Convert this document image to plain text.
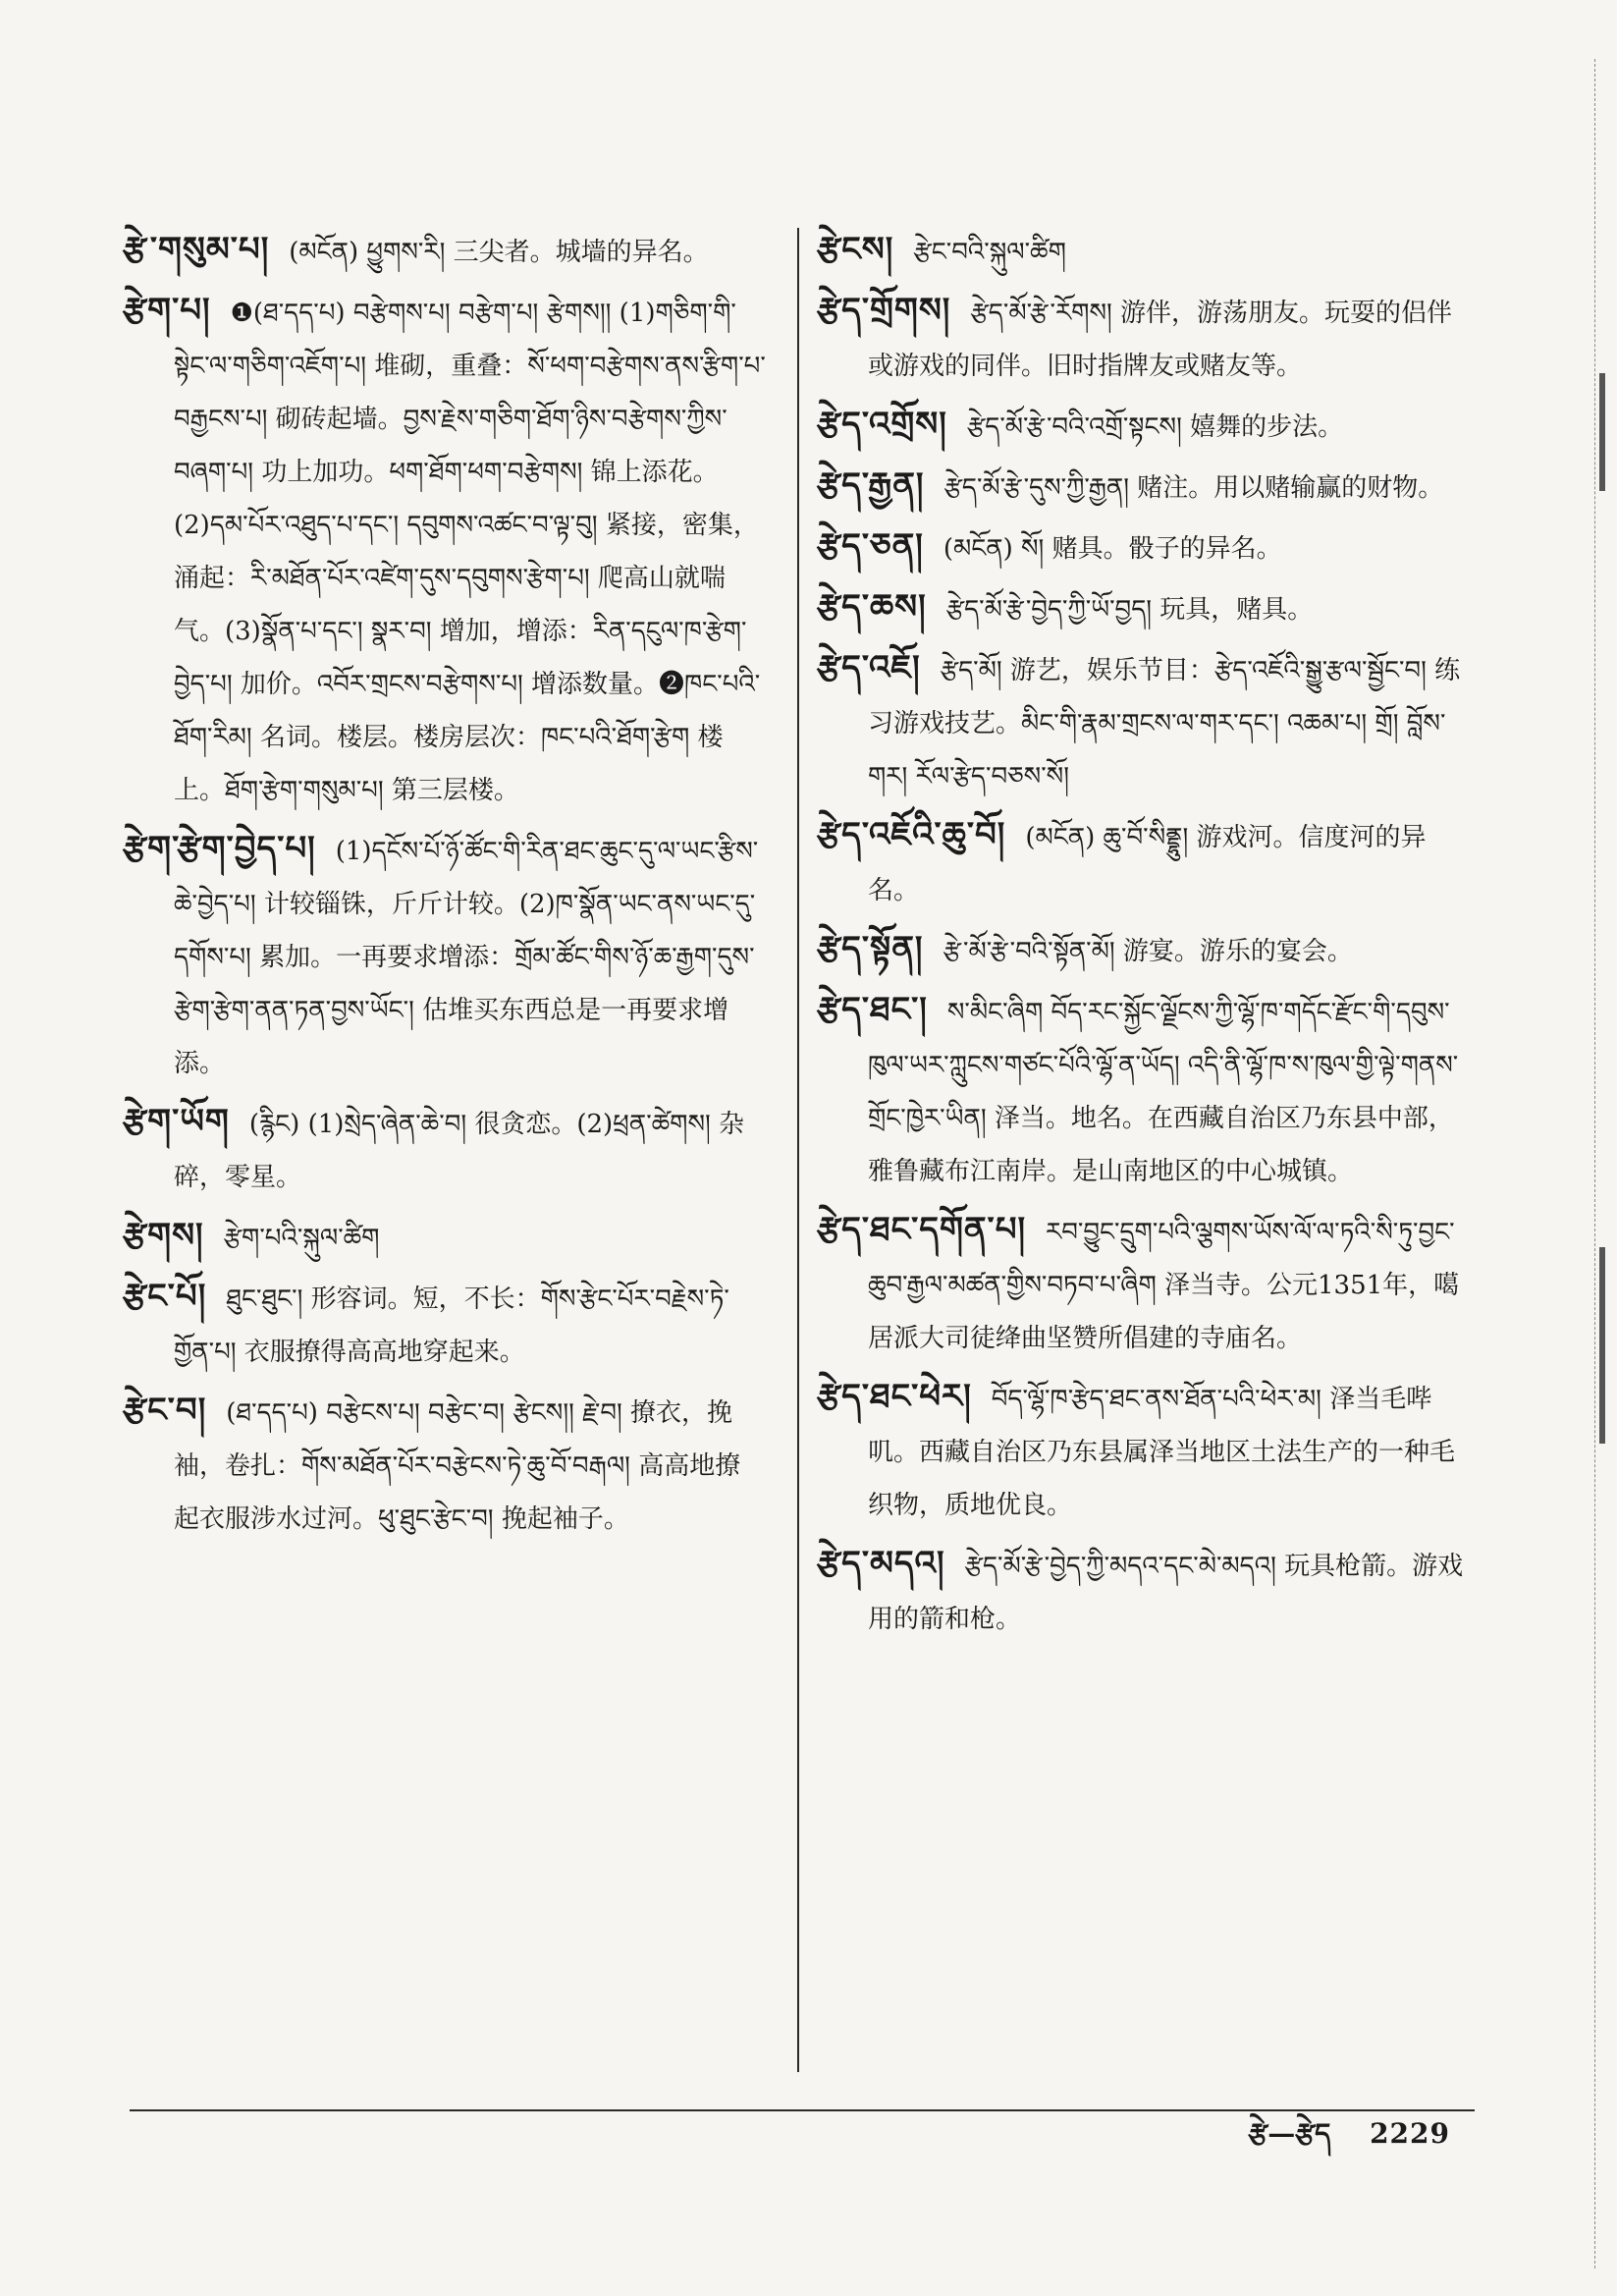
རྩེ་གསུམ་པ། (མངོན) ཕྱུགས་རི། 三尖者。城墙的异名。

རྩེག་པ། ❶(ཐ་དད་པ) བརྩེགས་པ། བརྩེག་པ། རྩེགས།། (1)གཅིག་གི་སྟེང་ལ་གཅིག་འཇོག་པ། 堆砌，重叠：སོ་ཕག་བརྩེགས་ནས་རྩིག་པ་བརྒྱངས་པ། 砌砖起墙。བྱས་རྗེས་གཅིག་ཐོག་ཉིས་བརྩེགས་ཀྱིས་བཞག་པ། 功上加功。ཕག་ཐོག་ཕག་བརྩེགས། 锦上添花。(2)དམ་པོར་འཐུད་པ་དང་། དབུགས་འཚང་བ་ལྟ་བུ། 紧接，密集，涌起：རི་མཐོན་པོར་འཛེག་དུས་དབུགས་རྩེག་པ། 爬高山就喘气。(3)སྣོན་པ་དང་། སྣར་བ། 增加，增添：རིན་དངུལ་ཁ་རྩེག་བྱེད་པ། 加价。འབོར་གྲངས་བརྩེགས་པ། 增添数量。❷ཁང་པའི་ཐོག་རིམ། 名词。楼层。楼房层次：ཁང་པའི་ཐོག་རྩེག 楼上。ཐོག་རྩེག་གསུམ་པ། 第三层楼。

རྩེག་རྩེག་བྱེད་པ། (1)དངོས་པོ་ཉོ་ཚོང་གི་རིན་ཐང་ཆུང་དུ་ལ་ཡང་རྩིས་ཆེ་བྱེད་པ། 计较锱铢，斤斤计较。(2)ཁ་སྣོན་ཡང་ནས་ཡང་དུ་དགོས་པ། 累加。一再要求增添：གྲོམ་ཚོང་གིས་ཉོ་ཆ་རྒྱག་དུས་རྩེག་རྩེག་ནན་ཏན་བྱས་ཡོང་། 估堆买东西总是一再要求增添。

རྩེག་ཡོག (རྙིང) (1)སྲེད་ཞེན་ཆེ་བ། 很贪恋。(2)ཕྲན་ཚེགས། 杂碎，零星。

རྩེགས། རྩེག་པའི་སྐུལ་ཚིག

རྩེང་པོ། ཐུང་ཐུང་། 形容词。短，不长：གོས་རྩེང་པོར་བརྗེས་ཏེ་གྱོན་པ། 衣服撩得高高地穿起来。

རྩེང་བ། (ཐ་དད་པ) བརྩེངས་པ། བརྩེང་བ། རྩེངས།། རྗེ་བ། 撩衣，挽袖，卷扎：གོས་མཐོན་པོར་བརྩེངས་ཏེ་ཆུ་བོ་བརྒལ། 高高地撩起衣服涉水过河。ཕུ་ཐུང་རྩེང་བ། 挽起袖子。

རྩེངས། རྩེང་བའི་སྐུལ་ཚིག

རྩེད་གྲོགས། རྩེད་མོ་རྩེ་རོགས། 游伴，游荡朋友。玩耍的侣伴或游戏的同伴。旧时指牌友或赌友等。

རྩེད་འགྲོས། རྩེད་མོ་རྩེ་བའི་འགྲོ་སྟངས། 嬉舞的步法。

རྩེད་རྒྱན། རྩེད་མོ་རྩེ་དུས་ཀྱི་རྒྱན། 赌注。用以赌输赢的财物。

རྩེད་ཅན། (མངོན) སོ། 赌具。骰子的异名。

རྩེད་ཆས། རྩེད་མོ་རྩེ་བྱེད་ཀྱི་ཡོ་བྱད། 玩具，赌具。

རྩེད་འཇོ། རྩེད་མོ། 游艺，娱乐节目：རྩེད་འཇོའི་སྒྱུ་རྩལ་སྦྱོང་བ། 练习游戏技艺。མིང་གི་རྣམ་གྲངས་ལ་གར་དང་། འཆམ་པ། གྲོ། བློས་གར། རོལ་རྩེད་བཅས་སོ།

རྩེད་འཇོའི་ཆུ་བོ། (མངོན) ཆུ་བོ་སིནྡྷུ། 游戏河。信度河的异名。

རྩེད་སྟོན། རྩེ་མོ་རྩེ་བའི་སྟོན་མོ། 游宴。游乐的宴会。

རྩེད་ཐང་། ས་མིང་ཞིག བོད་རང་སྐྱོང་ལྗོངས་ཀྱི་ལྷོ་ཁ་གདོང་རྫོང་གི་དབུས་ཁུལ་ཡར་ཀླུངས་གཙང་པོའི་ལྷོ་ན་ཡོད། འདི་ནི་ལྷོ་ཁ་ས་ཁུལ་གྱི་ལྟེ་གནས་གྲོང་ཁྱེར་ཡིན། 泽当。地名。在西藏自治区乃东县中部，雅鲁藏布江南岸。是山南地区的中心城镇。

རྩེད་ཐང་དགོན་པ། རབ་བྱུང་དྲུག་པའི་ལྕགས་ཡོས་ལོ་ལ་ཏའི་སི་ཏུ་བྱང་ཆུབ་རྒྱལ་མཚན་གྱིས་བཏབ་པ་ཞིག 泽当寺。公元1351年，噶居派大司徒绛曲坚赞所倡建的寺庙名。

རྩེད་ཐང་ཕེར། བོད་ལྷོ་ཁ་རྩེད་ཐང་ནས་ཐོན་པའི་ཕེར་མ། 泽当毛哔叽。西藏自治区乃东县属泽当地区土法生产的一种毛织物，质地优良。

རྩེད་མདའ། རྩེད་མོ་རྩེ་བྱེད་ཀྱི་མདའ་དང་མེ་མདའ། 玩具枪箭。游戏用的箭和枪。

རྩེ—རྩེད 2229
